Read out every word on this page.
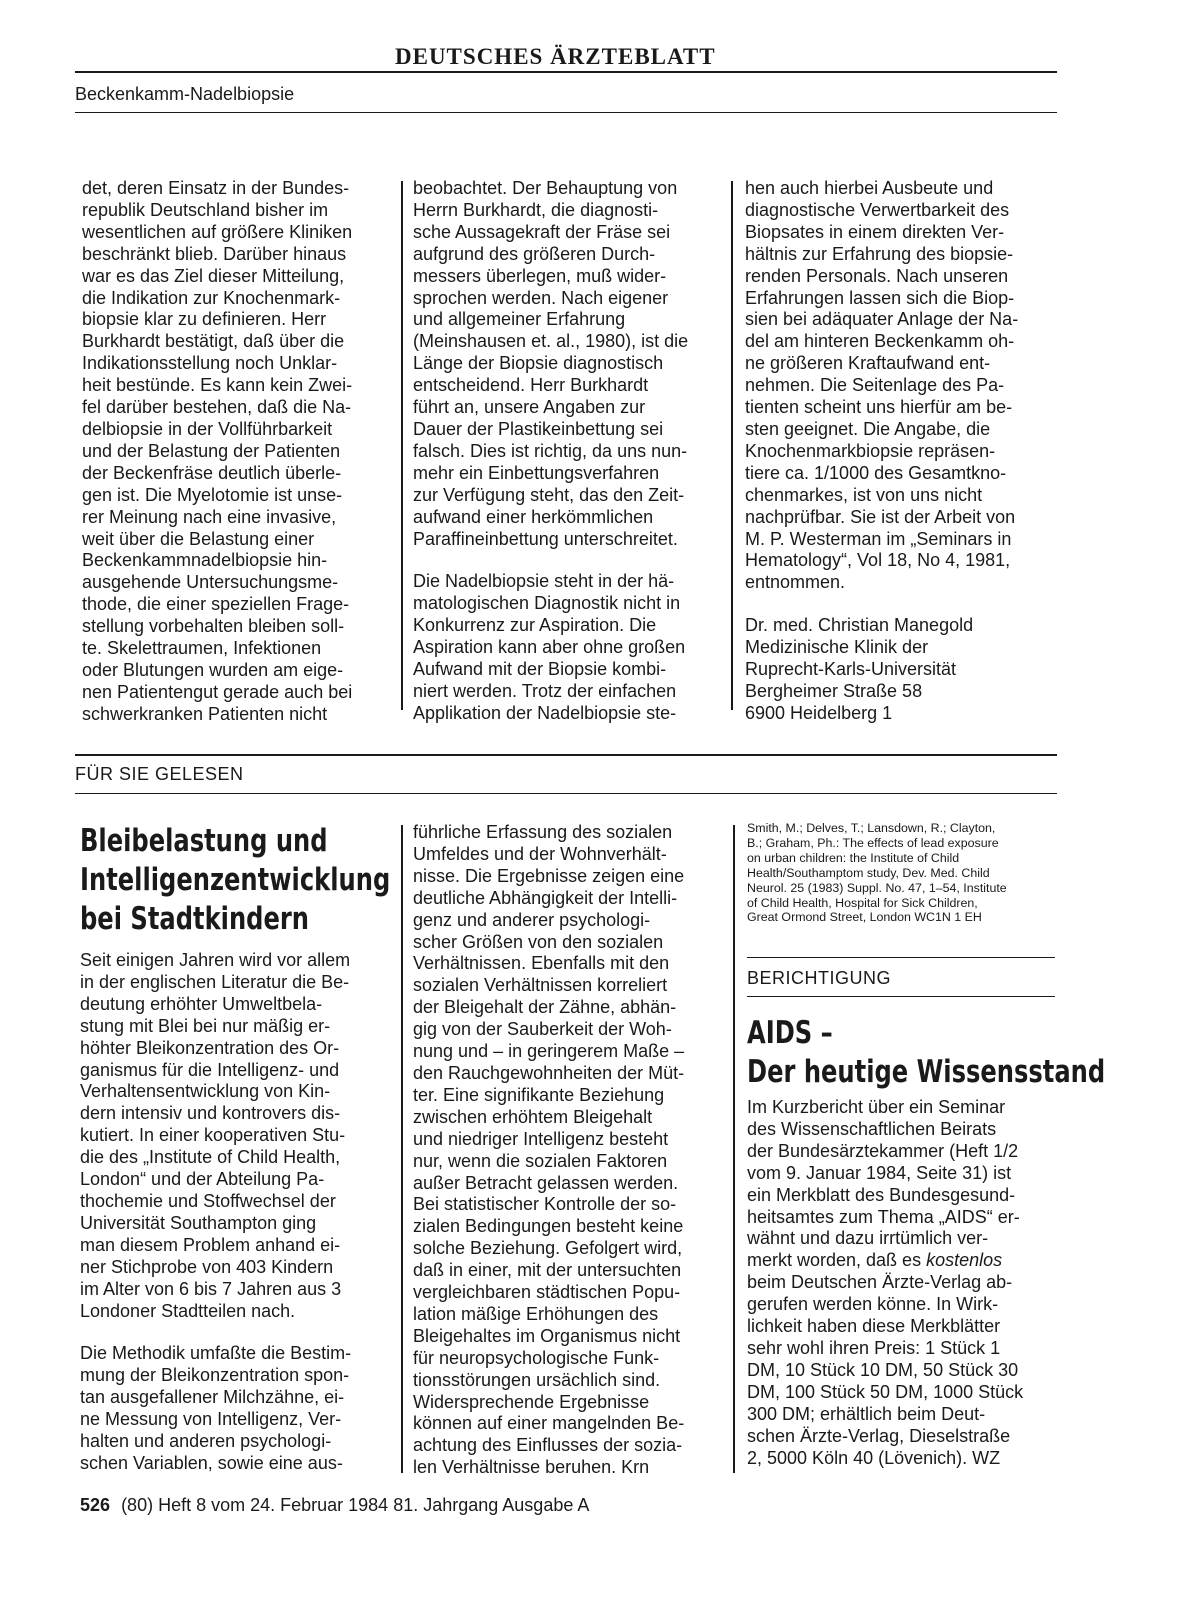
DEUTSCHES ÄRZTEBLATT
Beckenkamm-Nadelbiopsie

det, deren Einsatz in der Bundes-
republik Deutschland bisher im
wesentlichen auf größere Kliniken
beschränkt blieb. Darüber hinaus
war es das Ziel dieser Mitteilung,
die Indikation zur Knochenmark-
biopsie klar zu definieren. Herr
Burkhardt bestätigt, daß über die
Indikationsstellung noch Unklar-
heit bestünde. Es kann kein Zwei-
fel darüber bestehen, daß die Na-
delbiopsie in der Vollführbarkeit
und der Belastung der Patienten
der Beckenfräse deutlich überle-
gen ist. Die Myelotomie ist unse-
rer Meinung nach eine invasive,
weit über die Belastung einer
Beckenkammnadelbiopsie hin-
ausgehende Untersuchungsme-
thode, die einer speziellen Frage-
stellung vorbehalten bleiben soll-
te. Skelettraumen, Infektionen
oder Blutungen wurden am eige-
nen Patientengut gerade auch bei
schwerkranken Patienten nicht

beobachtet. Der Behauptung von
Herrn Burkhardt, die diagnosti-
sche Aussagekraft der Fräse sei
aufgrund des größeren Durch-
messers überlegen, muß wider-
sprochen werden. Nach eigener
und allgemeiner Erfahrung
(Meinshausen et. al., 1980), ist die
Länge der Biopsie diagnostisch
entscheidend. Herr Burkhardt
führt an, unsere Angaben zur
Dauer der Plastikeinbettung sei
falsch. Dies ist richtig, da uns nun-
mehr ein Einbettungsverfahren
zur Verfügung steht, das den Zeit-
aufwand einer herkömmlichen
Paraffineinbettung unterschreitet.

Die Nadelbiopsie steht in der hä-
matologischen Diagnostik nicht in
Konkurrenz zur Aspiration. Die
Aspiration kann aber ohne großen
Aufwand mit der Biopsie kombi-
niert werden. Trotz der einfachen
Applikation der Nadelbiopsie ste-

hen auch hierbei Ausbeute und
diagnostische Verwertbarkeit des
Biopsates in einem direkten Ver-
hältnis zur Erfahrung des biopsie-
renden Personals. Nach unseren
Erfahrungen lassen sich die Biop-
sien bei adäquater Anlage der Na-
del am hinteren Beckenkamm oh-
ne größeren Kraftaufwand ent-
nehmen. Die Seitenlage des Pa-
tienten scheint uns hierfür am be-
sten geeignet. Die Angabe, die
Knochenmarkbiopsie repräsen-
tiere ca. 1/1000 des Gesamtkno-
chenmarkes, ist von uns nicht
nachprüfbar. Sie ist der Arbeit von
M. P. Westerman im „Seminars in
Hematology“, Vol 18, No 4, 1981,
entnommen.

Dr. med. Christian Manegold
Medizinische Klinik der
Ruprecht-Karls-Universität
Bergheimer Straße 58
6900 Heidelberg 1

FÜR SIE GELESEN
Bleibelastung und
Intelligenzentwicklung
bei Stadtkindern

Seit einigen Jahren wird vor allem
in der englischen Literatur die Be-
deutung erhöhter Umweltbela-
stung mit Blei bei nur mäßig er-
höhter Bleikonzentration des Or-
ganismus für die Intelligenz- und
Verhaltensentwicklung von Kin-
dern intensiv und kontrovers dis-
kutiert. In einer kooperativen Stu-
die des „Institute of Child Health,
London“ und der Abteilung Pa-
thochemie und Stoffwechsel der
Universität Southampton ging
man diesem Problem anhand ei-
ner Stichprobe von 403 Kindern
im Alter von 6 bis 7 Jahren aus 3
Londoner Stadtteilen nach.

Die Methodik umfaßte die Bestim-
mung der Bleikonzentration spon-
tan ausgefallener Milchzähne, ei-
ne Messung von Intelligenz, Ver-
halten und anderen psychologi-
schen Variablen, sowie eine aus-

führliche Erfassung des sozialen
Umfeldes und der Wohnverhält-
nisse. Die Ergebnisse zeigen eine
deutliche Abhängigkeit der Intelli-
genz und anderer psychologi-
scher Größen von den sozialen
Verhältnissen. Ebenfalls mit den
sozialen Verhältnissen korreliert
der Bleigehalt der Zähne, abhän-
gig von der Sauberkeit der Woh-
nung und – in geringerem Maße –
den Rauchgewohnheiten der Müt-
ter. Eine signifikante Beziehung
zwischen erhöhtem Bleigehalt
und niedriger Intelligenz besteht
nur, wenn die sozialen Faktoren
außer Betracht gelassen werden.
Bei statistischer Kontrolle der so-
zialen Bedingungen besteht keine
solche Beziehung. Gefolgert wird,
daß in einer, mit der untersuchten
vergleichbaren städtischen Popu-
lation mäßige Erhöhungen des
Bleigehaltes im Organismus nicht
für neuropsychologische Funk-
tionsstörungen ursächlich sind.
Widersprechende Ergebnisse
können auf einer mangelnden Be-
achtung des Einflusses der sozia-
len Verhältnisse beruhen. Krn

Smith, M.; Delves, T.; Lansdown, R.; Clayton,
B.; Graham, Ph.: The effects of lead exposure
on urban children: the Institute of Child
Health/Southamptom study, Dev. Med. Child
Neurol. 25 (1983) Suppl. No. 47, 1–54, Institute
of Child Health, Hospital for Sick Children,
Great Ormond Street, London WC1N 1 EH
BERICHTIGUNG
AIDS –
Der heutige Wissensstand

Im Kurzbericht über ein Seminar
des Wissenschaftlichen Beirats
der Bundesärztekammer (Heft 1/2
vom 9. Januar 1984, Seite 31) ist
ein Merkblatt des Bundesgesund-
heitsamtes zum Thema „AIDS“ er-
wähnt und dazu irrtümlich ver-
merkt worden, daß es kostenlos
beim Deutschen Ärzte-Verlag ab-
gerufen werden könne. In Wirk-
lichkeit haben diese Merkblätter
sehr wohl ihren Preis: 1 Stück 1
DM, 10 Stück 10 DM, 50 Stück 30
DM, 100 Stück 50 DM, 1000 Stück
300 DM; erhältlich beim Deut-
schen Ärzte-Verlag, Dieselstraße
2, 5000 Köln 40 (Lövenich). WZ

526 (80) Heft 8 vom 24. Februar 1984 81. Jahrgang Ausgabe A
